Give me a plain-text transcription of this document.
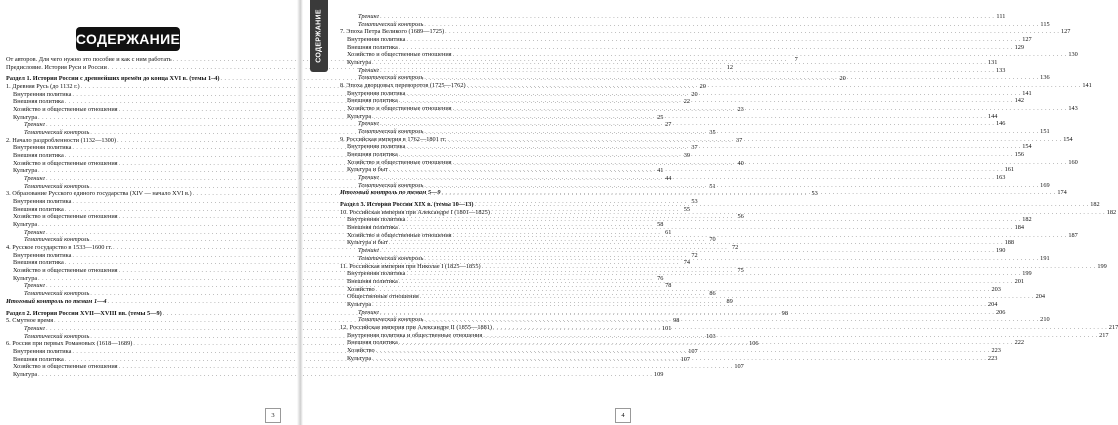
СОДЕРЖАНИЕ
От авторов. Для чего нужно это пособие и как с ним работать . . .	7
Предисловие. История Руси и России . . .	12
Раздел 1. История России с древнейших времён до конца XVI в. (темы 1–4) . . .	20
1. Древняя Русь (до 1132 г.) . . .	20
Внутренняя политика . . .	20
Внешняя политика . . .	22
Хозяйство и общественные отношения . . .	23
Культура . . .	25
Тренинг . . .	27
Тематический контроль . . .	35
2. Начало раздробленности (1132—1300) . . .	37
Внутренняя политика . . .	37
Внешняя политика . . .	39
Хозяйство и общественные отношения . . .	40
Культура . . .	41
Тренинг . . .	44
Тематический контроль . . .	51
3. Образование Русского единого государства (XIV — начало XVI в.) . . .	53
Внутренняя политика . . .	53
Внешняя политика . . .	55
Хозяйство и общественные отношения . . .	56
Культура . . .	58
Тренинг . . .	61
Тематический контроль . . .	70
4. Русское государство в 1533—1600 гг. . . .	72
Внутренняя политика . . .	72
Внешняя политика . . .	74
Хозяйство и общественные отношения . . .	75
Культура . . .	76
Тренинг . . .	78
Тематический контроль . . .	86
Итоговый контроль по темам 1—4 . . .	89
Раздел 2. История России XVII—XVIII вв. (темы 5—9) . . .	98
5. Смутное время . . .	98
Тренинг . . .	101
Тематический контроль . . .	103
6. Россия при первых Романовых (1618—1689) . . .	106
Внутренняя политика . . .	107
Внешняя политика . . .	107
Хозяйство и общественные отношения . . .	107
Культура . . .	109
3
СОДЕРЖАНИЕ	Тренинг . . .	111
Тематический контроль . . .	115
7. Эпоха Петра Великого (1689—1725) . . .	127
Внутренняя политика . . .	127
Внешняя политика . . .	129
Хозяйство и общественные отношения . . .	130
Культура . . .	131
Тренинг . . .	133
Тематический контроль . . .	136
8. Эпоха дворцовых переворотов (1725—1762) . . .	141
Внутренняя политика . . .	141
Внешняя политика . . .	142
Хозяйство и общественные отношения . . .	143
Культура . . .	144
Тренинг . . .	146
Тематический контроль . . .	151
9. Российская империя в 1762—1801 гг. . . .	154
Внутренняя политика . . .	154
Внешняя политика . . .	156
Хозяйство и общественные отношения . . .	160
Культура и быт . . .	161
Тренинг . . .	163
Тематический контроль . . .	169
Итоговый контроль по темам 5—9 . . .	174
Раздел 3. История России XIX в. (темы 10—13) . . .	182
10. Российская империя при Александре I (1801—1825) . . .	182
Внутренняя политика . . .	182
Внешняя политика . . .	184
Хозяйство и общественные отношения . . .	187
Культура и быт . . .	188
Тренинг . . .	190
Тематический контроль . . .	191
11. Российская империя при Николае I (1825—1855) . . .	199
Внутренняя политика . . .	199
Внешняя политика . . .	201
Хозяйство . . .	203
Общественные отношения . . .	204
Культура . . .	204
Тренинг . . .	206
Тематический контроль . . .	210
12. Российская империя при Александре II (1855—1881) . . .	217
Внутренняя политика и общественные отношения . . .	217
Внешняя политика . . .	222
Хозяйство . . .	223
Культура . . .	223
4
